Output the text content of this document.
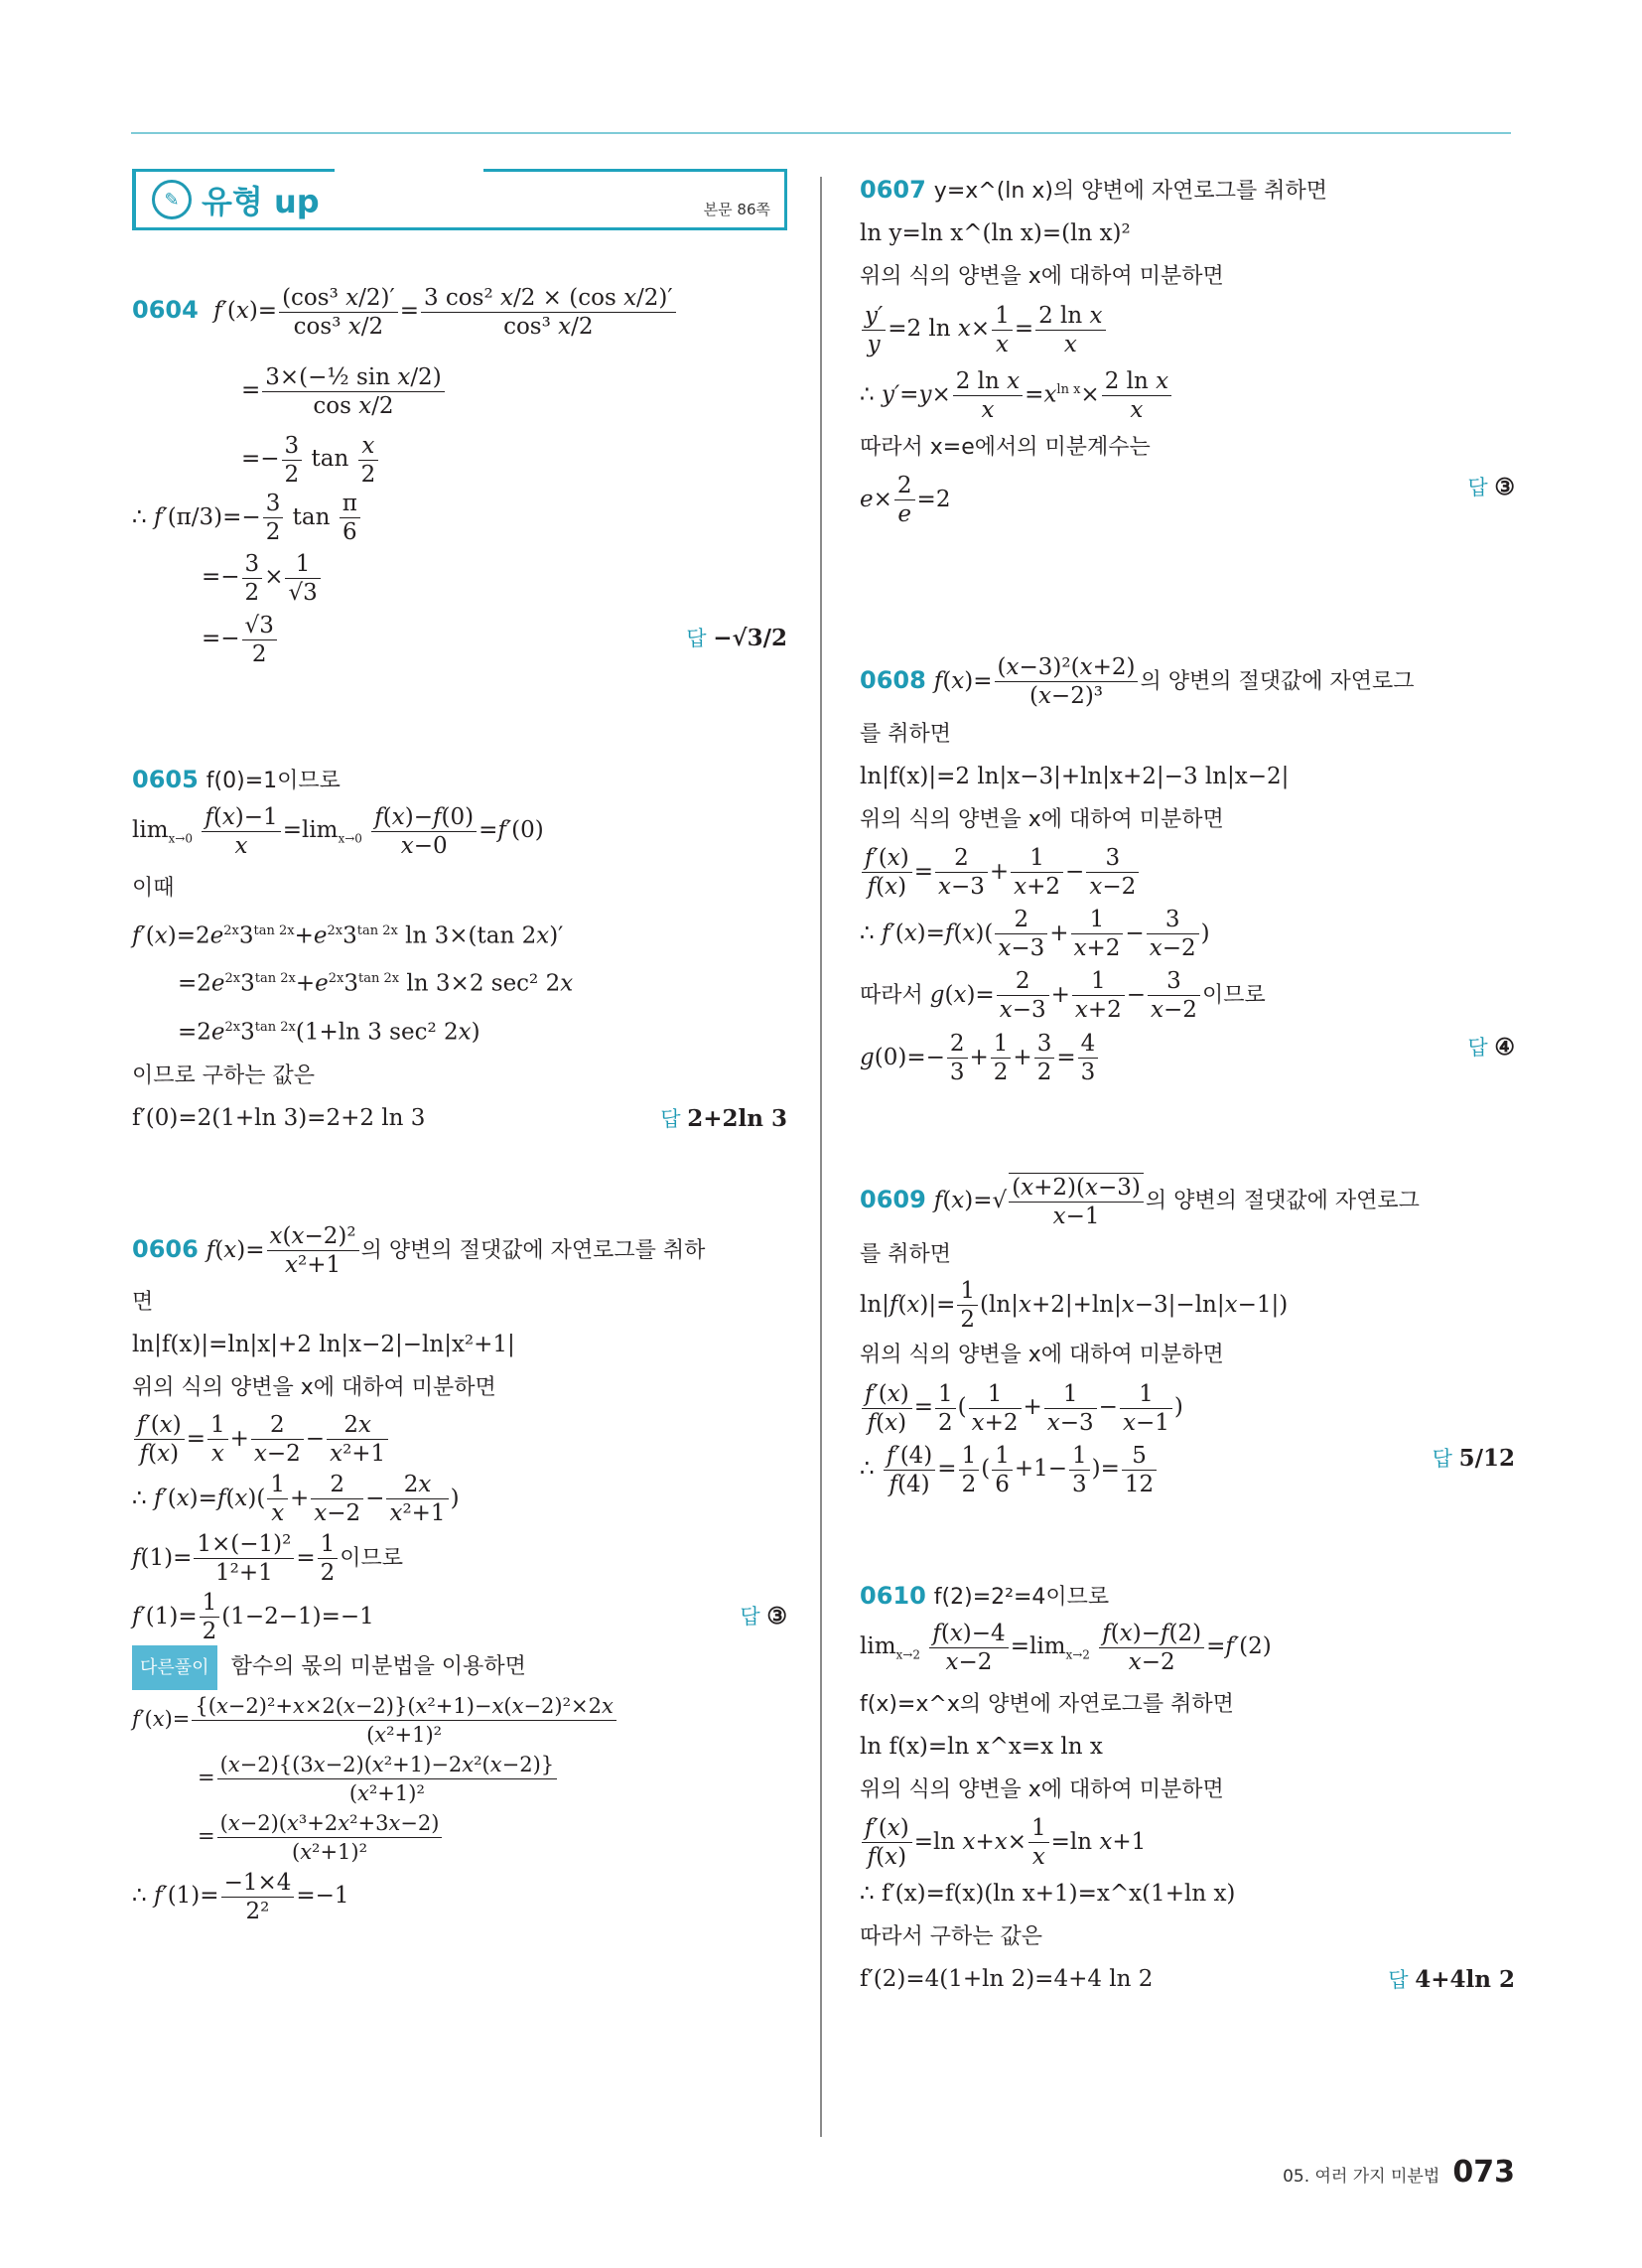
✎ 유형 up	본문 86쪽
0604 $f'(x)= \frac{\text{(cos³ x/2)′}}{\text{cos³ x/2}} = \frac{\text{3 cos² x/2 × (cos x/2)′}}{\text{cos³ x/2}}$
= $\frac{\text{3×(−½ sin x/2)}}{\text{cos x/2}}$
=− $\frac{3}{2}$ $\tan \frac{x}{2}$
∴ $f'(\pi/3)=- \frac{3}{2}$ $\tan \frac{\pi}{6}$
=− $\frac{3}{2} \times \frac{1}{√3}$
=− $\frac{√3}{2}$	답 −√3/2
0605 f(0)=1이므로
$\lim_{x\to 0} \frac{f(x)-1}{x} =\lim_{x\to 0} \frac{f(x)-f(0)}{x-0} =f'(0)$
이때
$f'(x)=2e^{2x}3^{tan 2x}+e^{2x}3^{tan 2x}$ ln 3×(tan 2x)′
$=2e^{2x}3^{tan 2x}+e^{2x}3^{tan 2x}$ ln 3×2 sec² 2x
$=2e^{2x}3^{tan 2x}(1+\ln$ 3 sec² 2x)
이므로 구하는 값은
f′(0)=2(1+ln 3)=2+2 ln 3	답 2+2ln 3
0606 $f(x)= \frac{\text{x(x−2)²}}{\text{x²+1}}$ 의 양변의 절댓값에 자연로그를 취하
면
ln|f(x)|=ln|x|+2 ln|x−2|−ln|x²+1|
위의 식의 양변을 x에 대하여 미분하면
$\frac{f'(x)}{f(x)} = \frac{1}{x} + \frac{2}{x-2} - \frac{2x}{\text{x²+1}}$
∴ $f'(x)=f(x)( \frac{1}{x} + \frac{2}{x-2} - \frac{2x}{\text{x²+1}}$ )
$f(1)= \frac{\text{1×(−1)²}}{\text{1²+1}} = \frac{1}{2}$ 이므로
$f'(1)= \frac{1}{2} (1-2-1)=-1$	답 ③
다른풀이 함수의 몫의 미분법을 이용하면
$f'(x)= \frac{\text{\{(x−2)²+x×2(x−2)\}(x²+1)−x(x−2)²×2x}}{\text{(x²+1)²}}$
= $\frac{\text{(x−2)\{(3x−2)(x²+1)−2x²(x−2)\}}}{\text{(x²+1)²}}$
= $\frac{\text{(x−2)(x³+2x²+3x−2)}}{\text{(x²+1)²}}$
∴ $f'(1)= \frac{-1\times 4}{\text{2²}} =-1$
0607 y=x^(ln x)의 양변에 자연로그를 취하면
ln y=ln x^(ln x)=(ln x)²
위의 식의 양변을 x에 대하여 미분하면
$\frac{y'}{y} =2$ $\ln x\times \frac{1}{x} = \frac{\text{2 ln x}}{x}$
∴ $y'=y\times \frac{\text{2 ln x}}{x} =x^{ln x}\times \frac{\text{2 ln x}}{x}$
따라서 x=e에서의 미분계수는
$e\times \frac{2}{e} =2$	답 ③
0608 $f(x)= \frac{\text{(x−3)²(x+2)}}{\text{(x−2)³}}$ 의 양변의 절댓값에 자연로그
를 취하면
ln|f(x)|=2 ln|x−3|+ln|x+2|−3 ln|x−2|
위의 식의 양변을 x에 대하여 미분하면
$\frac{f'(x)}{f(x)} = \frac{2}{x-3} + \frac{1}{x+2} - \frac{3}{x-2}$
∴ $f'(x)=f(x)( \frac{2}{x-3} + \frac{1}{x+2} - \frac{3}{x-2}$ )
따라서 $g(x)= \frac{2}{x-3} + \frac{1}{x+2} - \frac{3}{x-2}$ 이므로
$g(0)=- \frac{2}{3} + \frac{1}{2} + \frac{3}{2} = \frac{4}{3}$	답 ④
0609 $f(x)=√ \frac{(x+2)(x-3)}{x-1}$ 의 양변의 절댓값에 자연로그
를 취하면
$\ln|f(x)|= \frac{1}{2} (\ln|x+2|+\ln|x-3|-\ln|x-1|)$
위의 식의 양변을 x에 대하여 미분하면
$\frac{f'(x)}{f(x)} = \frac{1}{2}$ ( $\frac{1}{x+2} + \frac{1}{x-3} - \frac{1}{x-1}$ )
∴ $\frac{f'(4)}{f(4)} = \frac{1}{2}$ ( $\frac{1}{6} +1- \frac{1}{3}$ )= $\frac{5}{12}$	답 5/12
0610 f(2)=2²=4이므로
$\lim_{x\to 2} \frac{f(x)-4}{x-2} =\lim_{x\to 2} \frac{f(x)-f(2)}{x-2} =f'(2)$
f(x)=x^x의 양변에 자연로그를 취하면
ln f(x)=ln x^x=x ln x
위의 식의 양변을 x에 대하여 미분하면
$\frac{f'(x)}{f(x)} =\ln$ $x+x\times \frac{1}{x} =\ln$ x+1
∴ f′(x)=f(x)(ln x+1)=x^x(1+ln x)
따라서 구하는 값은
f′(2)=4(1+ln 2)=4+4 ln 2	답 4+4ln 2
05. 여러 가지 미분법 073
